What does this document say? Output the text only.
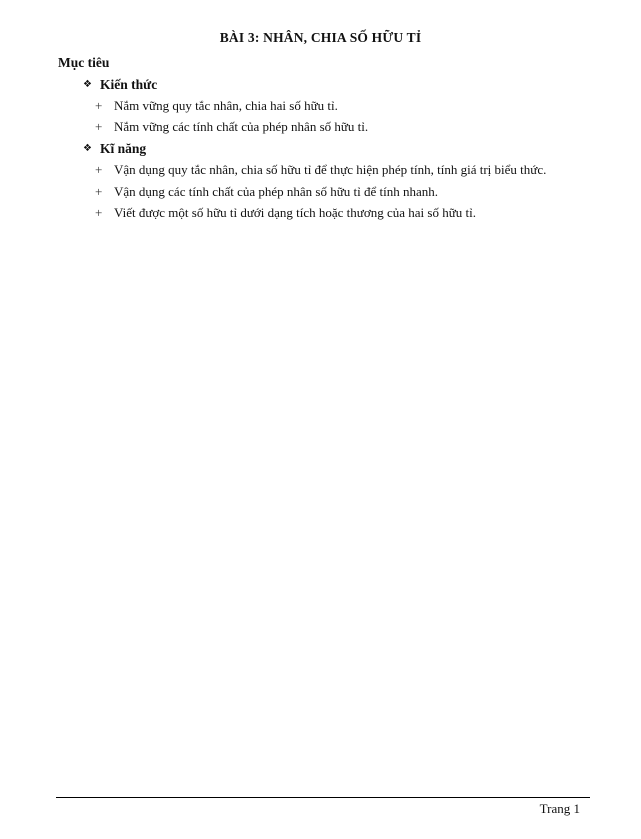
BÀI 3: NHÂN, CHIA SỐ HỮU TỈ
Mục tiêu
❖ Kiến thức
+ Nắm vững quy tắc nhân, chia hai số hữu tỉ.
+ Nắm vững các tính chất của phép nhân số hữu tỉ.
❖ Kĩ năng
+ Vận dụng quy tắc nhân, chia số hữu tỉ để thực hiện phép tính, tính giá trị biểu thức.
+ Vận dụng các tính chất của phép nhân số hữu tỉ để tính nhanh.
+ Viết được một số hữu tỉ dưới dạng tích hoặc thương của hai số hữu tỉ.
Trang 1
